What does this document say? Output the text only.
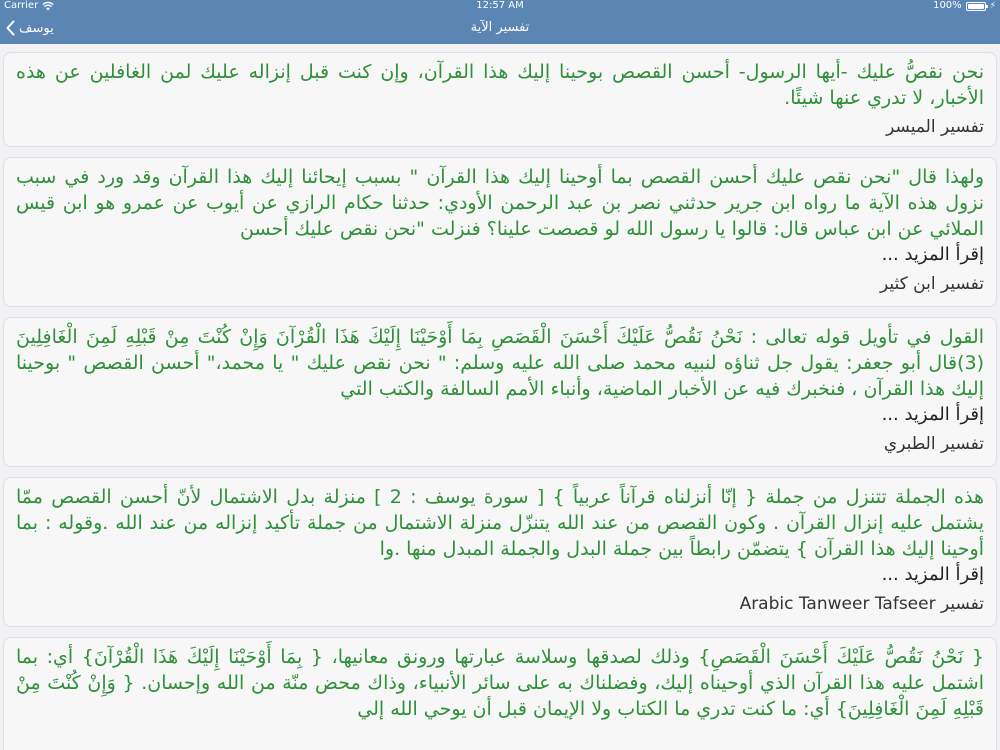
Carrier	12:57 AM	100%	⚡
تفسير الآية
يوسف
نحن نقصُّ عليك -أيها الرسول- أحسن القصص بوحينا إليك هذا القرآن، وإن كنت قبل إنزاله عليك لمن الغافلين عن هذه الأخبار، لا تدري عنها شيئًا.
تفسير الميسر
ولهذا قال "نحن نقص عليك أحسن القصص بما أوحينا إليك هذا القرآن " بسبب إيحائنا إليك هذا القرآن وقد ورد في سبب نزول هذه الآية ما رواه ابن جرير حدثني نصر بن عبد الرحمن الأودي: حدثنا حكام الرازي عن أيوب عن عمرو هو ابن قيس الملائي عن ابن عباس قال: قالوا يا رسول الله لو قصصت علينا؟ فنزلت "نحن نقص عليك أحسن
إقرأ المزيد ...
تفسير ابن كثير
القول في تأويل قوله تعالى : نَحْنُ نَقُصُّ عَلَيْكَ أَحْسَنَ الْقَصَصِ بِمَا أَوْحَيْنَا إِلَيْكَ هَذَا الْقُرْآنَ وَإِنْ كُنْتَ مِنْ قَبْلِهِ لَمِنَ الْغَافِلِينَ (3)قال أبو جعفر: يقول جل ثناؤه لنبيه محمد صلى الله عليه وسلم: " نحن نقص عليك " يا محمد،" أحسن القصص " بوحينا إليك هذا القرآن ، فنخبرك فيه عن الأخبار الماضية، وأنباء الأمم السالفة والكتب التي
إقرأ المزيد ...
تفسير الطبري
هذه الجملة تتنزل من جملة { إنّا أنزلناه قرآناً عربياً } [ سورة يوسف : 2 ] منزلة بدل الاشتمال لأنّ أحسن القصص ممّا يشتمل عليه إنزال القرآن . وكون القصص من عند الله يتنزّل منزلة الاشتمال من جملة تأكيد إنزاله من عند الله .وقوله : بما أوحينا إليك هذا القرآن } يتضمّن رابطاً بين جملة البدل والجملة المبدل منها .وا
إقرأ المزيد ...
Arabic Tanweer Tafseer تفسير
{ نَحْنُ نَقُصُّ عَلَيْكَ أَحْسَنَ الْقَصَصِ} وذلك لصدقها وسلاسة عبارتها ورونق معانيها، { بِمَا أَوْحَيْنَا إِلَيْكَ هَذَا الْقُرْآنَ} أي: بما اشتمل عليه هذا القرآن الذي أوحيناه إليك، وفضلناك به على سائر الأنبياء، وذاك محض منّة من الله وإحسان. { وَإِنْ كُنْتَ مِنْ قَبْلِهِ لَمِنَ الْغَافِلِينَ} أي: ما كنت تدري ما الكتاب ولا الإيمان قبل أن يوحي الله إلي
